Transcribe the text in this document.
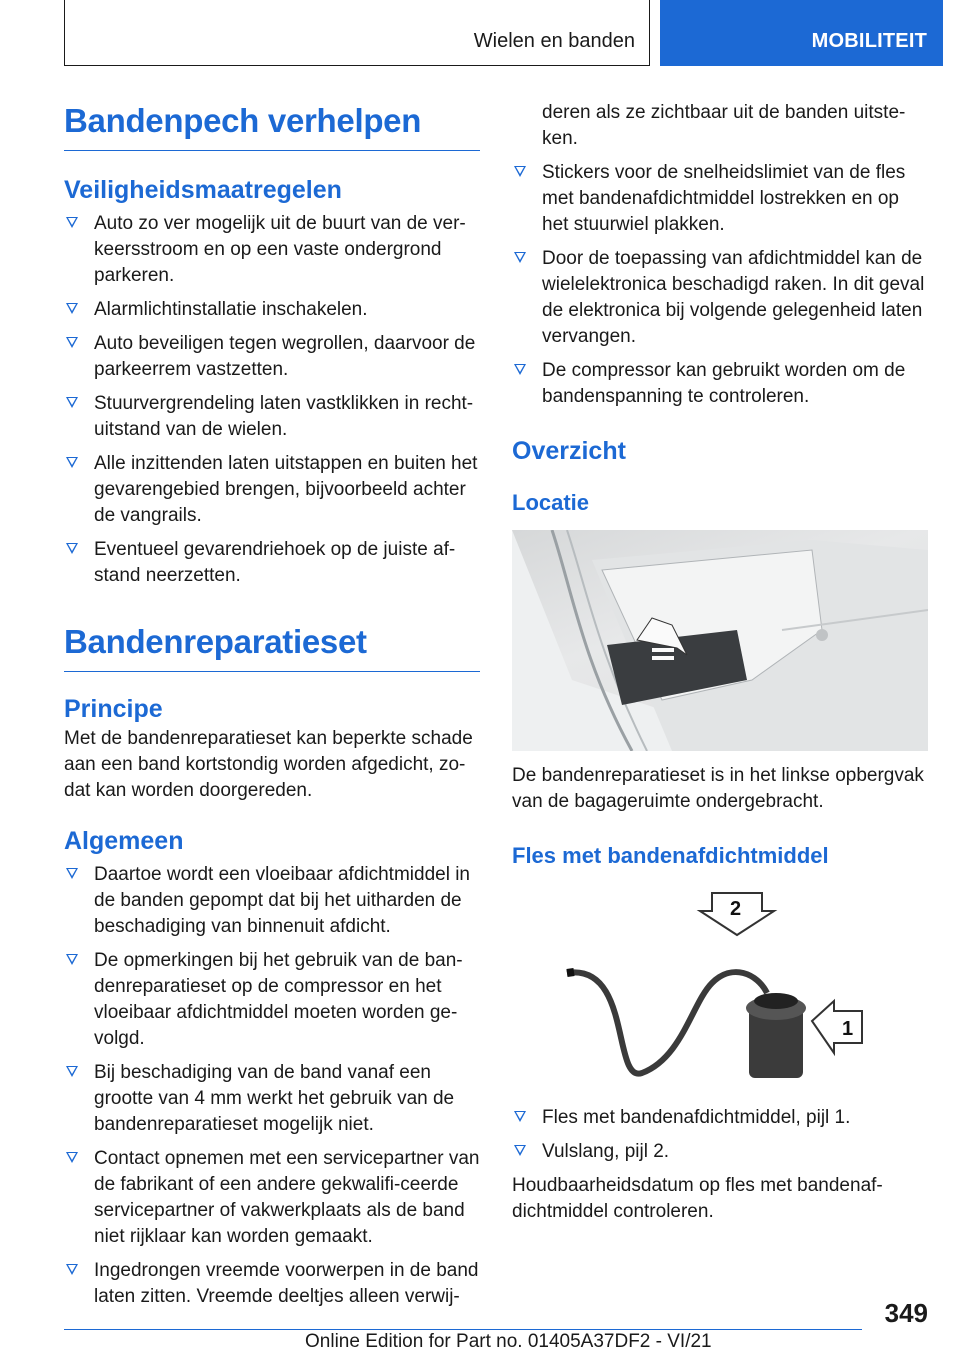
Wielen en banden	MOBILITEIT
Bandenpech verhelpen
Veiligheidsmaatregelen
Auto zo ver mogelijk uit de buurt van de ver-keersstroom en op een vaste ondergrond parkeren.
Alarmlichtinstallatie inschakelen.
Auto beveiligen tegen wegrollen, daarvoor de parkeerrem vastzetten.
Stuurvergrendeling laten vastklikken in recht-uitstand van de wielen.
Alle inzittenden laten uitstappen en buiten het gevarengebied brengen, bijvoorbeeld achter de vangrails.
Eventueel gevarendriehoek op de juiste af-stand neerzetten.
Bandenreparatieset
Principe

Met de bandenreparatieset kan beperkte schade aan een band kortstondig worden afgedicht, zo-dat kan worden doorgereden.

Algemeen
Daartoe wordt een vloeibaar afdichtmiddel in de banden gepompt dat bij het uitharden de beschadiging van binnenuit afdicht.
De opmerkingen bij het gebruik van de ban-denreparatieset op de compressor en het vloeibaar afdichtmiddel moeten worden ge-volgd.
Bij beschadiging van de band vanaf een grootte van 4 mm werkt het gebruik van de bandenreparatieset mogelijk niet.
Contact opnemen met een servicepartner van de fabrikant of een andere gekwalifi-ceerde servicepartner of vakwerkplaats als de band niet rijklaar kan worden gemaakt.
Ingedrongen vreemde voorwerpen in de band laten zitten. Vreemde deeltjes alleen verwij-

deren als ze zichtbaar uit de banden uitste-ken.

Stickers voor de snelheidslimiet van de fles met bandenafdichtmiddel lostrekken en op het stuurwiel plakken.
Door de toepassing van afdichtmiddel kan de wielelektronica beschadigd raken. In dit geval de elektronica bij volgende gelegenheid laten vervangen.
De compressor kan gebruikt worden om de bandenspanning te controleren.
Overzicht
Locatie

De bandenreparatieset is in het linkse opbergvak van de bagageruimte ondergebracht.

Fles met bandenafdichtmiddel
2
1
Fles met bandenafdichtmiddel, pijl 1.
Vulslang, pijl 2.

Houdbaarheidsdatum op fles met bandenaf-dichtmiddel controleren.

349
Online Edition for Part no. 01405A37DF2 - VI/21
